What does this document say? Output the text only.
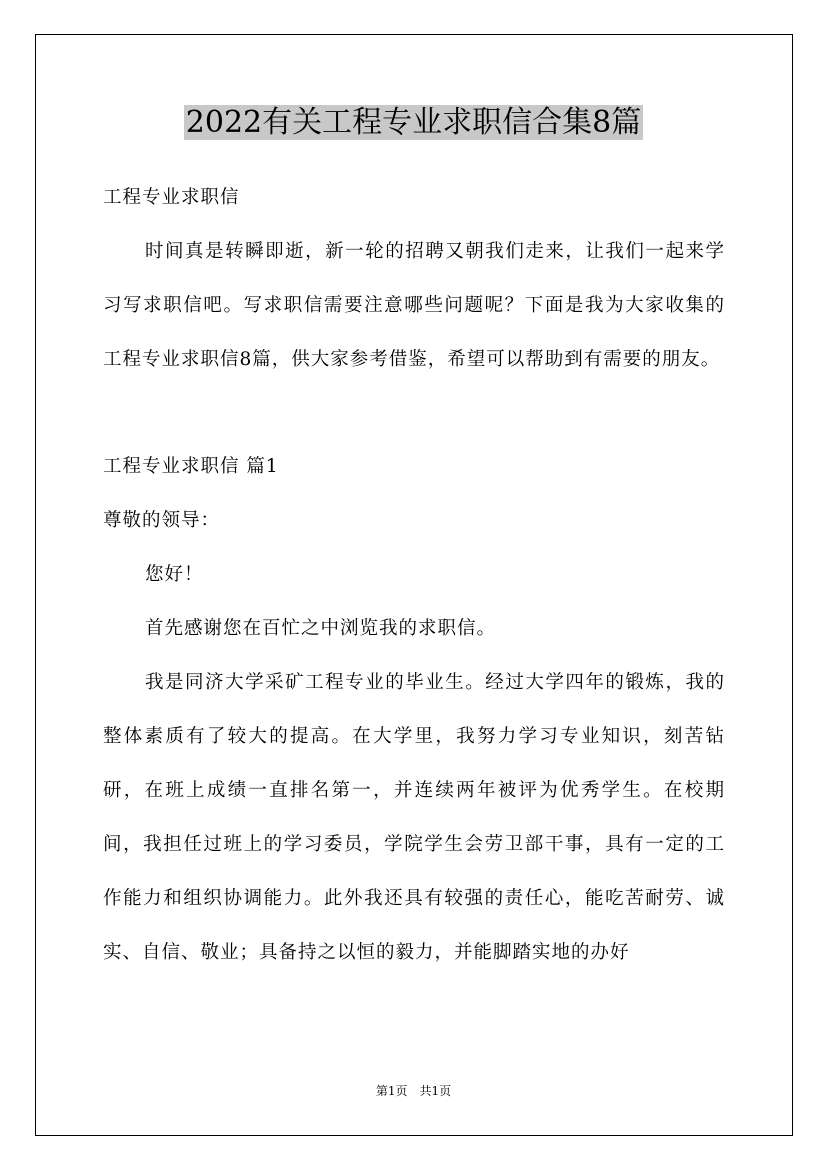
2022有关工程专业求职信合集8篇

工程专业求职信

时间真是转瞬即逝，新一轮的招聘又朝我们走来，让我们一起来学习写求职信吧。写求职信需要注意哪些问题呢？下面是我为大家收集的工程专业求职信8篇，供大家参考借鉴，希望可以帮助到有需要的朋友。

工程专业求职信 篇1

尊敬的领导：

您好！

首先感谢您在百忙之中浏览我的求职信。

我是同济大学采矿工程专业的毕业生。经过大学四年的锻炼，我的整体素质有了较大的提高。在大学里，我努力学习专业知识，刻苦钻研，在班上成绩一直排名第一，并连续两年被评为优秀学生。在校期间，我担任过班上的学习委员，学院学生会劳卫部干事，具有一定的工作能力和组织协调能力。此外我还具有较强的责任心，能吃苦耐劳、诚实、自信、敬业；具备持之以恒的毅力，并能脚踏实地的办好

第1页　共1页
